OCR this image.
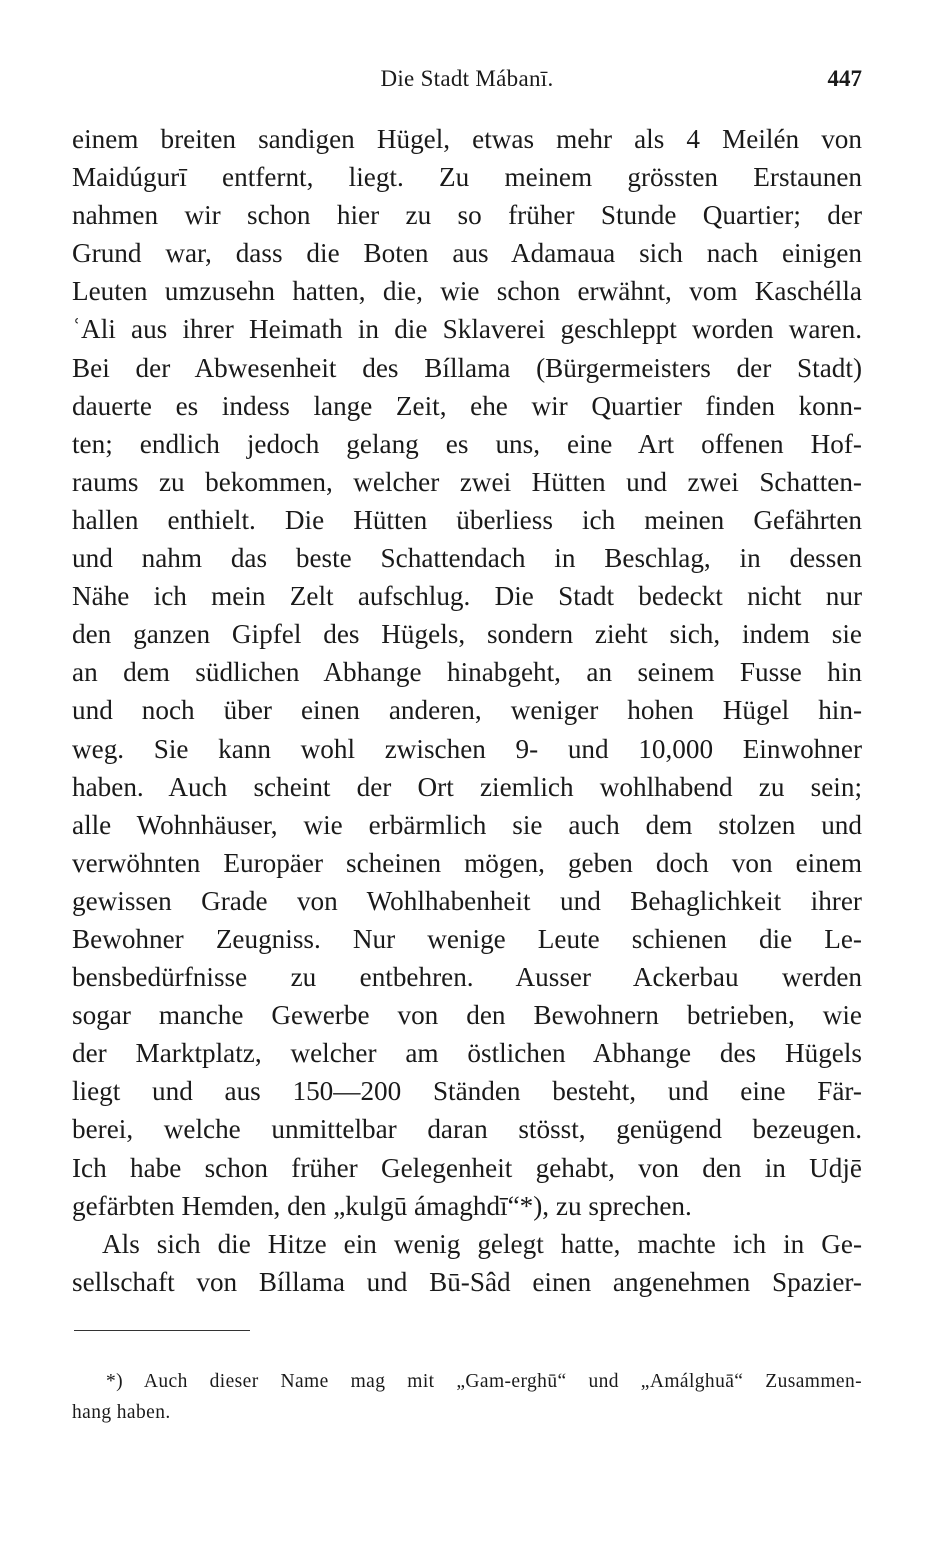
Die Stadt Mábanī.	447
einem breiten sandigen Hügel, etwas mehr als 4 Meilén von
Maidúgurī entfernt, liegt. Zu meinem grössten Erstaunen
nahmen wir schon hier zu so früher Stunde Quartier; der
Grund war, dass die Boten aus Adamaua sich nach einigen
Leuten umzusehn hatten, die, wie schon erwähnt, vom Kaschélla
ʿAli aus ihrer Heimath in die Sklaverei geschleppt worden waren.
Bei der Abwesenheit des Bíllama (Bürgermeisters der Stadt)
dauerte es indess lange Zeit, ehe wir Quartier finden konn-
ten; endlich jedoch gelang es uns, eine Art offenen Hof-
raums zu bekommen, welcher zwei Hütten und zwei Schatten-
hallen enthielt. Die Hütten überliess ich meinen Gefährten
und nahm das beste Schattendach in Beschlag, in dessen
Nähe ich mein Zelt aufschlug. Die Stadt bedeckt nicht nur
den ganzen Gipfel des Hügels, sondern zieht sich, indem sie
an dem südlichen Abhange hinabgeht, an seinem Fusse hin
und noch über einen anderen, weniger hohen Hügel hin-
weg. Sie kann wohl zwischen 9- und 10,000 Einwohner
haben. Auch scheint der Ort ziemlich wohlhabend zu sein;
alle Wohnhäuser, wie erbärmlich sie auch dem stolzen und
verwöhnten Europäer scheinen mögen, geben doch von einem
gewissen Grade von Wohlhabenheit und Behaglichkeit ihrer
Bewohner Zeugniss. Nur wenige Leute schienen die Le-
bensbedürfnisse zu entbehren. Ausser Ackerbau werden
sogar manche Gewerbe von den Bewohnern betrieben, wie
der Marktplatz, welcher am östlichen Abhange des Hügels
liegt und aus 150—200 Ständen besteht, und eine Fär-
berei, welche unmittelbar daran stösst, genügend bezeugen.
Ich habe schon früher Gelegenheit gehabt, von den in Udjē
gefärbten Hemden, den „kulgū ámaghdī“*), zu sprechen.
Als sich die Hitze ein wenig gelegt hatte, machte ich in Ge-
sellschaft von Bíllama und Bū-Sâd einen angenehmen Spazier-
*) Auch dieser Name mag mit „Gam-erghū“ und „Amálghuā“ Zusammen-
hang haben.
